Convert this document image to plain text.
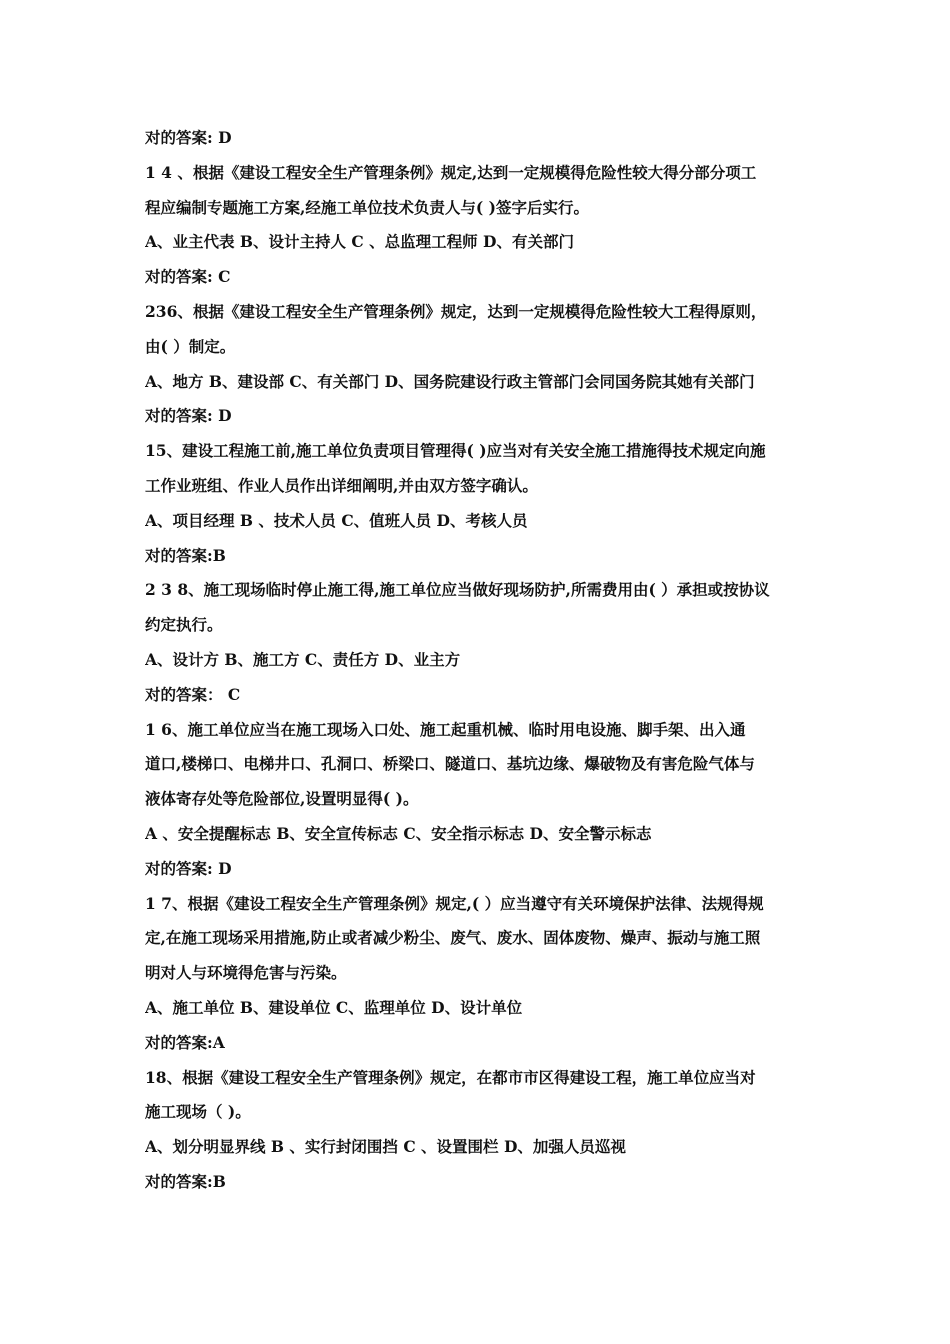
对的答案: D
1 4 、根据《建设工程安全生产管理条例》规定,达到一定规模得危险性较大得分部分项工
程应编制专题施工方案,经施工单位技术负责人与( )签字后实行。
A、业主代表 B、设计主持人 C 、总监理工程师 D、有关部门
对的答案: C
236、根据《建设工程安全生产管理条例》规定，达到一定规模得危险性较大工程得原则，
由( ）制定。
A、地方 B、建设部 C、有关部门 D、国务院建设行政主管部门会同国务院其她有关部门
对的答案: D
15、建设工程施工前,施工单位负责项目管理得( )应当对有关安全施工措施得技术规定向施
工作业班组、作业人员作出详细阐明,并由双方签字确认。
A、项目经理 B 、技术人员 C、值班人员 D、考核人员
对的答案:B
2 3 8、施工现场临时停止施工得,施工单位应当做好现场防护,所需费用由( ）承担或按协议
约定执行。
A、设计方 B、施工方 C、责任方 D、业主方
对的答案： C
1 6、施工单位应当在施工现场入口处、施工起重机械、临时用电设施、脚手架、出入通
道口,楼梯口、电梯井口、孔洞口、桥梁口、隧道口、基坑边缘、爆破物及有害危险气体与
液体寄存处等危险部位,设置明显得( )。
A 、安全提醒标志 B、安全宣传标志 C、安全指示标志 D、安全警示标志
对的答案: D
1 7、根据《建设工程安全生产管理条例》规定,( ）应当遵守有关环境保护法律、法规得规
定,在施工现场采用措施,防止或者减少粉尘、废气、废水、固体废物、燥声、振动与施工照
明对人与环境得危害与污染。
A、施工单位 B、建设单位 C、监理单位 D、设计单位
对的答案:A
18、根据《建设工程安全生产管理条例》规定，在都市市区得建设工程，施工单位应当对
施工现场（ )。
A、划分明显界线 B 、实行封闭围挡 C 、设置围栏 D、加强人员巡视
对的答案:B
